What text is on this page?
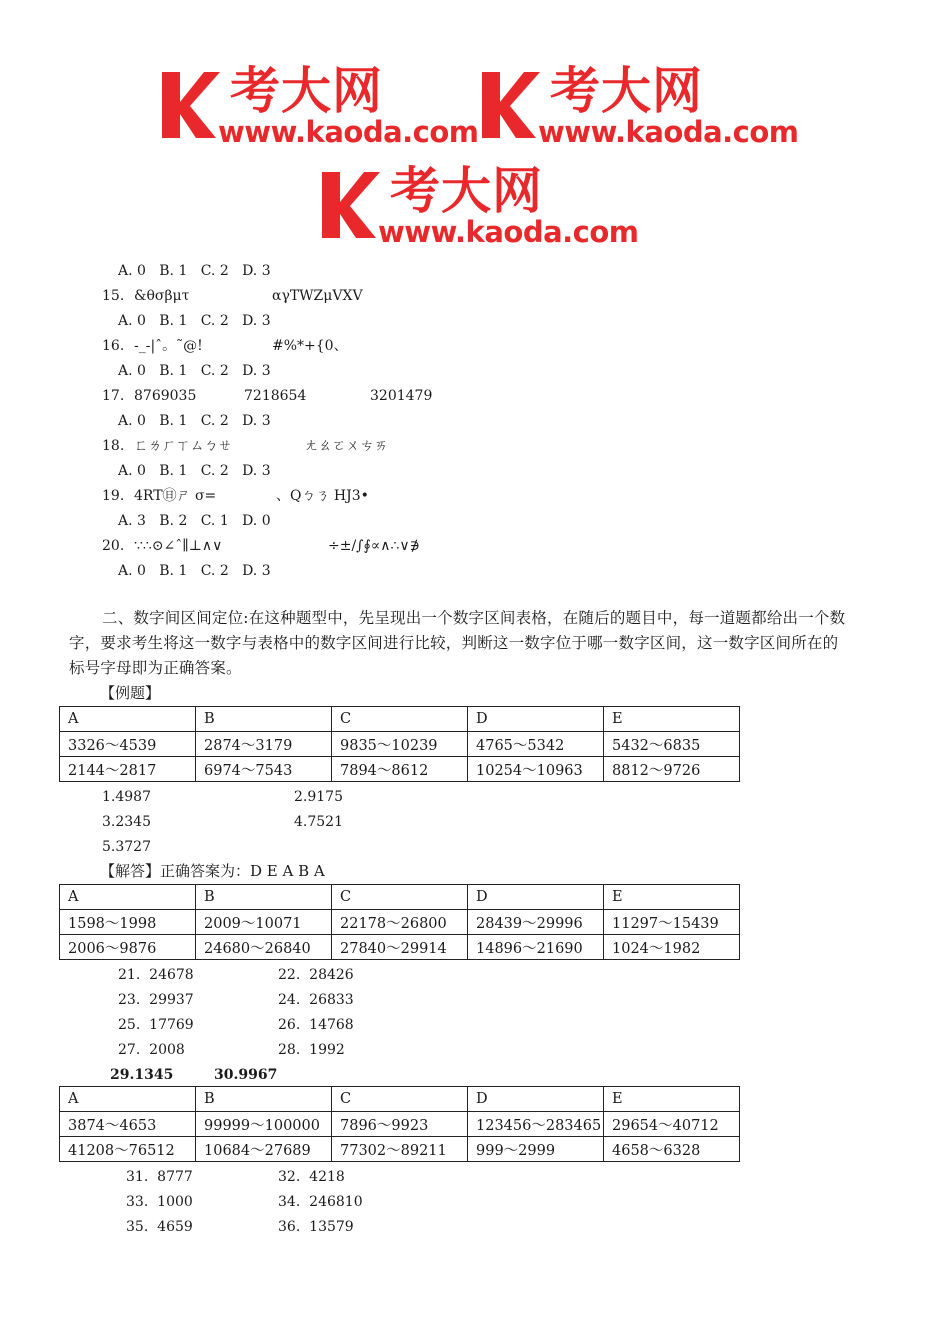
考大网
www.kaoda.com
考大网
www.kaoda.com
考大网
www.kaoda.com
A. 0   B. 1   C. 2   D. 3
15. &θσβμτ	αγTWZμVXV
A. 0   B. 1   C. 2   D. 3
16. -_-|ˆ。˜@!	#%*+{0、
A. 0   B. 1   C. 2   D. 3
17. 8769035	7218654	3201479
A. 0   B. 1   C. 2   D. 3
18. ㄈㄌㄏㄒㄙㄅㄝ	ㄤㄠㄛㄨㄘㄞ
A. 0   B. 1   C. 2   D. 3
19. 4RT㊐ㄕ σ=	、Qㄅㄋ HJ3•
A. 3   B. 2   C. 1   D. 0
20. ∵∴⊙∠ˆ∥⊥∧∨	÷±/∫∮∝∧∴∨∌
A. 0   B. 1   C. 2   D. 3
二、数字间区间定位:在这种题型中，先呈现出一个数字区间表格，在随后的题目中，每一道题都给出一个数
字，要求考生将这一数字与表格中的数字区间进行比较，判断这一数字位于哪一数字区间，这一数字区间所在的
标号字母即为正确答案。
【例题】
A	B	C	D	E
3326～4539	2874～3179	9835～10239	4765～5342	5432～6835
2144～2817	6974～7543	7894～8612	10254～10963	8812～9726
1.4987	2.9175
3.2345	4.7521
5.3727
【解答】正确答案为：D E A B A
A	B	C	D	E
1598～1998	2009～10071	22178～26800	28439～29996	11297～15439
2006～9876	24680～26840	27840～29914	14896～21690	1024～1982
21.  24678	22.  28426
23.  29937	24.  26833
25.  17769	26.  14768
27.  2008	28.  1992
29.1345	30.9967
A	B	C	D	E
3874～4653	99999～100000	7896～9923	123456～283465	29654～40712
41208～76512	10684～27689	77302～89211	999～2999	4658～6328
31.  8777	32.  4218
33.  1000	34.  246810
35.  4659	36.  13579
